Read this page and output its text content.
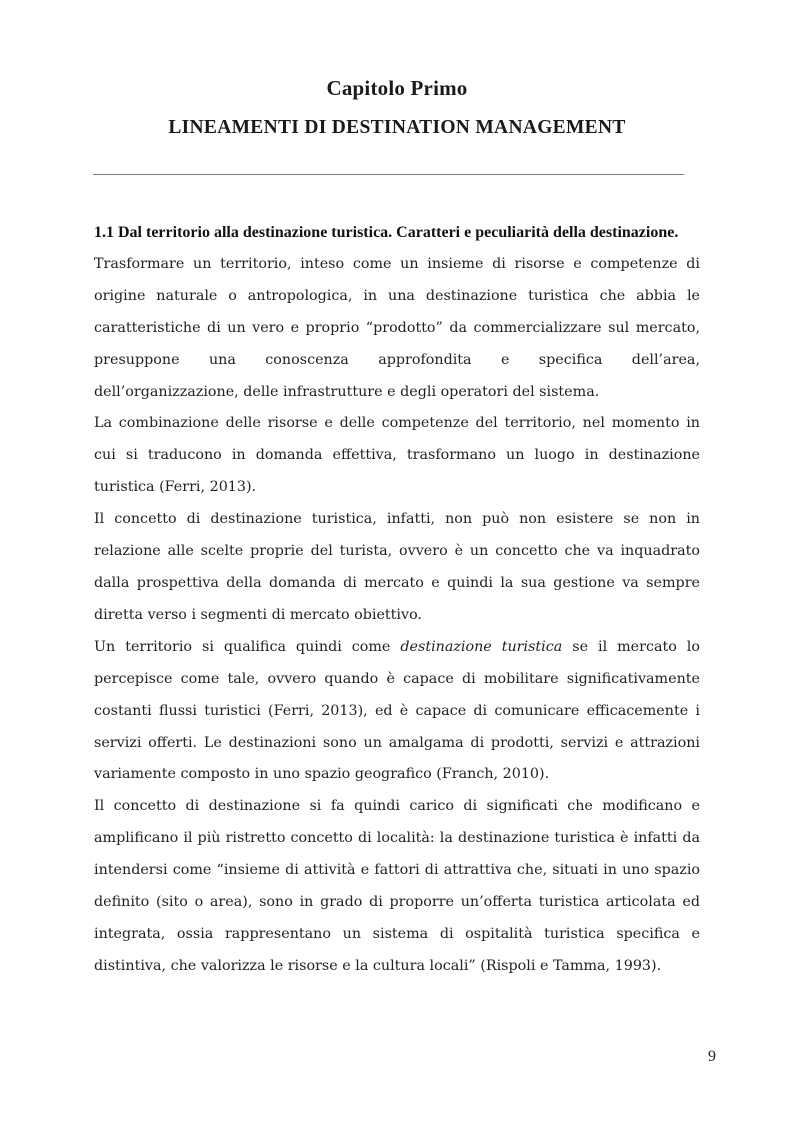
Capitolo Primo
LINEAMENTI DI DESTINATION MANAGEMENT

1.1 Dal territorio alla destinazione turistica. Caratteri e peculiarità della destinazione.

Trasformare un territorio, inteso come un insieme di risorse e competenze di origine naturale o antropologica, in una destinazione turistica che abbia le caratteristiche di un vero e proprio “prodotto” da commercializzare sul mercato, presuppone una conoscenza approfondita e specifica dell’area, dell’organizzazione, delle infrastrutture e degli operatori del sistema.

La combinazione delle risorse e delle competenze del territorio, nel momento in cui si traducono in domanda effettiva, trasformano un luogo in destinazione turistica (Ferri, 2013).

Il concetto di destinazione turistica, infatti, non può non esistere se non in relazione alle scelte proprie del turista, ovvero è un concetto che va inquadrato dalla prospettiva della domanda di mercato e quindi la sua gestione va sempre diretta verso i segmenti di mercato obiettivo.

Un territorio si qualifica quindi come destinazione turistica se il mercato lo percepisce come tale, ovvero quando è capace di mobilitare significativamente costanti flussi turistici (Ferri, 2013), ed è capace di comunicare efficacemente i servizi offerti. Le destinazioni sono un amalgama di prodotti, servizi e attrazioni variamente composto in uno spazio geografico (Franch, 2010).

Il concetto di destinazione si fa quindi carico di significati che modificano e amplificano il più ristretto concetto di località: la destinazione turistica è infatti da intendersi come “insieme di attività e fattori di attrattiva che, situati in uno spazio definito (sito o area), sono in grado di proporre un’offerta turistica articolata ed integrata, ossia rappresentano un sistema di ospitalità turistica specifica e distintiva, che valorizza le risorse e la cultura locali” (Rispoli e Tamma, 1993).

9
